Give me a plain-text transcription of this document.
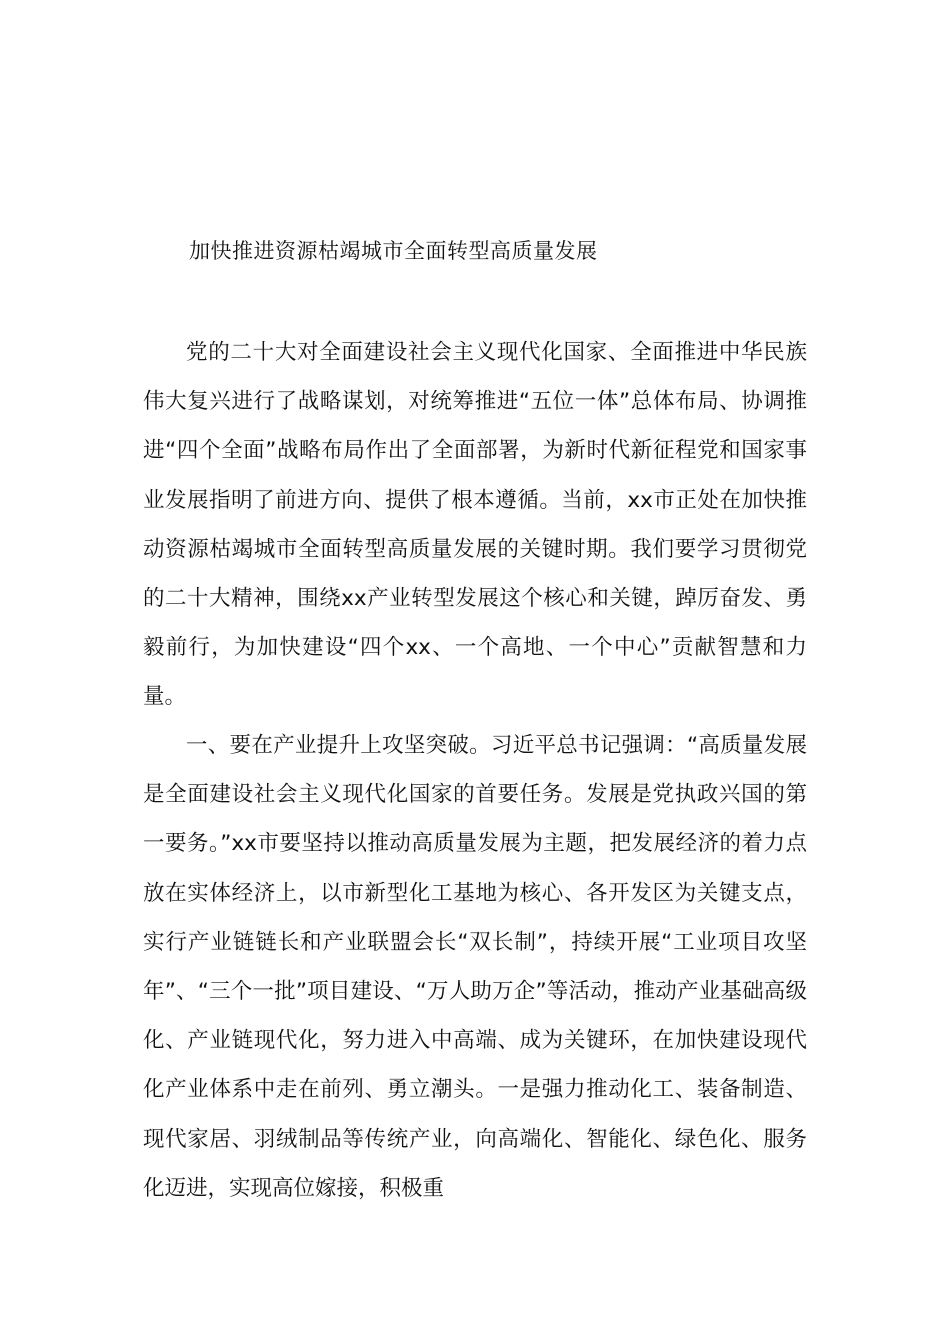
加快推进资源枯竭城市全面转型高质量发展

党的二十大对全面建设社会主义现代化国家、全面推进中华民族伟大复兴进行了战略谋划，对统筹推进“五位一体”总体布局、协调推进“四个全面”战略布局作出了全面部署，为新时代新征程党和国家事业发展指明了前进方向、提供了根本遵循。当前，xx市正处在加快推动资源枯竭城市全面转型高质量发展的关键时期。我们要学习贯彻党的二十大精神，围绕xx产业转型发展这个核心和关键，踔厉奋发、勇毅前行，为加快建设“四个xx、一个高地、一个中心”贡献智慧和力量。

一、要在产业提升上攻坚突破。习近平总书记强调：“高质量发展是全面建设社会主义现代化国家的首要任务。发展是党执政兴国的第一要务。”xx市要坚持以推动高质量发展为主题，把发展经济的着力点放在实体经济上，以市新型化工基地为核心、各开发区为关键支点，实行产业链链长和产业联盟会长“双长制”，持续开展“工业项目攻坚年”、“三个一批”项目建设、“万人助万企”等活动，推动产业基础高级化、产业链现代化，努力进入中高端、成为关键环，在加快建设现代化产业体系中走在前列、勇立潮头。一是强力推动化工、装备制造、现代家居、羽绒制品等传统产业，向高端化、智能化、绿色化、服务化迈进，实现高位嫁接，积极重
